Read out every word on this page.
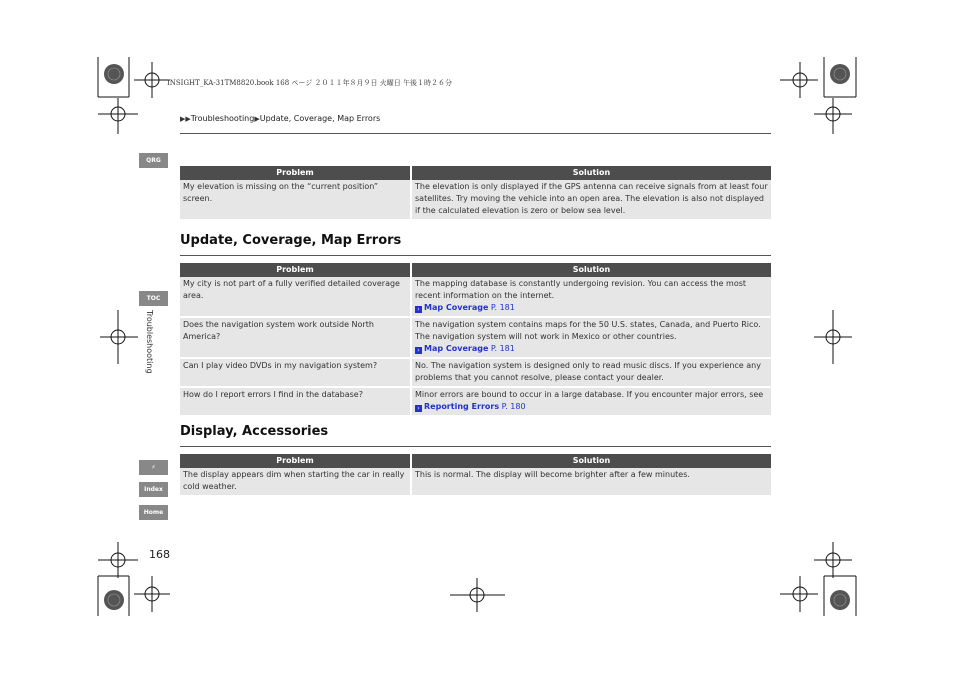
INSIGHT_KA-31TM8820.book 168 ページ ２０１１年８月９日 火曜日 午後１時２６分
▶▶Troubleshooting▶Update, Coverage, Map Errors
QRG
TOC
⚡
Index
Home
Troubleshooting
168
Problem	Solution
My elevation is missing on the “current position” screen.	The elevation is only displayed if the GPS antenna can receive signals from at least four satellites. Try moving the vehicle into an open area. The elevation is also not displayed if the calculated elevation is zero or below sea level.
Update, Coverage, Map Errors
Problem	Solution
My city is not part of a fully verified detailed coverage area.	The mapping database is constantly undergoing revision. You can access the most recent information on the internet.
› Map Coverage P. 181
Does the navigation system work outside North America?	The navigation system contains maps for the 50 U.S. states, Canada, and Puerto Rico. The navigation system will not work in Mexico or other countries.
› Map Coverage P. 181
Can I play video DVDs in my navigation system?	No. The navigation system is designed only to read music discs. If you experience any problems that you cannot resolve, please contact your dealer.
How do I report errors I find in the database?	Minor errors are bound to occur in a large database. If you encounter major errors, see
› Reporting Errors P. 180
Display, Accessories
Problem	Solution
The display appears dim when starting the car in really cold weather.	This is normal. The display will become brighter after a few minutes.
